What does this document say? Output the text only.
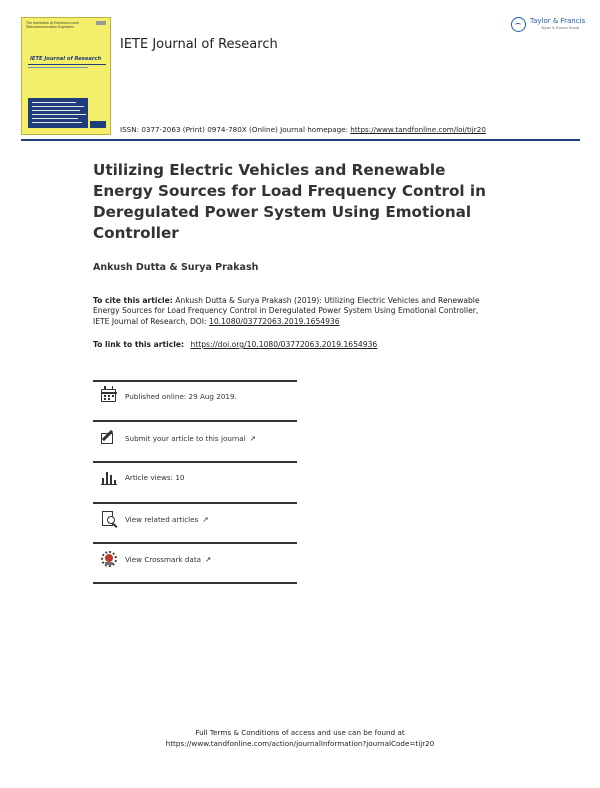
The Institution of Electronics and Telecommunication Engineers
IETE Journal of Research
IETE Journal of Research
ISSN: 0377-2063 (Print) 0974-780X (Online) Journal homepage: https://www.tandfonline.com/loi/tijr20
Taylor & Francis
Taylor & Francis Group
Utilizing Electric Vehicles and Renewable Energy Sources for Load Frequency Control in Deregulated Power System Using Emotional Controller
Ankush Dutta & Surya Prakash
To cite this article: Ankush Dutta & Surya Prakash (2019): Utilizing Electric Vehicles and Renewable Energy Sources for Load Frequency Control in Deregulated Power System Using Emotional Controller, IETE Journal of Research, DOI: 10.1080/03772063.2019.1654936
To link to this article: https://doi.org/10.1080/03772063.2019.1654936
Published online: 29 Aug 2019.
Submit your article to this journal ↗
Article views: 10
View related articles ↗
View Crossmark data ↗
Full Terms & Conditions of access and use can be found at
https://www.tandfonline.com/action/journalInformation?journalCode=tijr20
